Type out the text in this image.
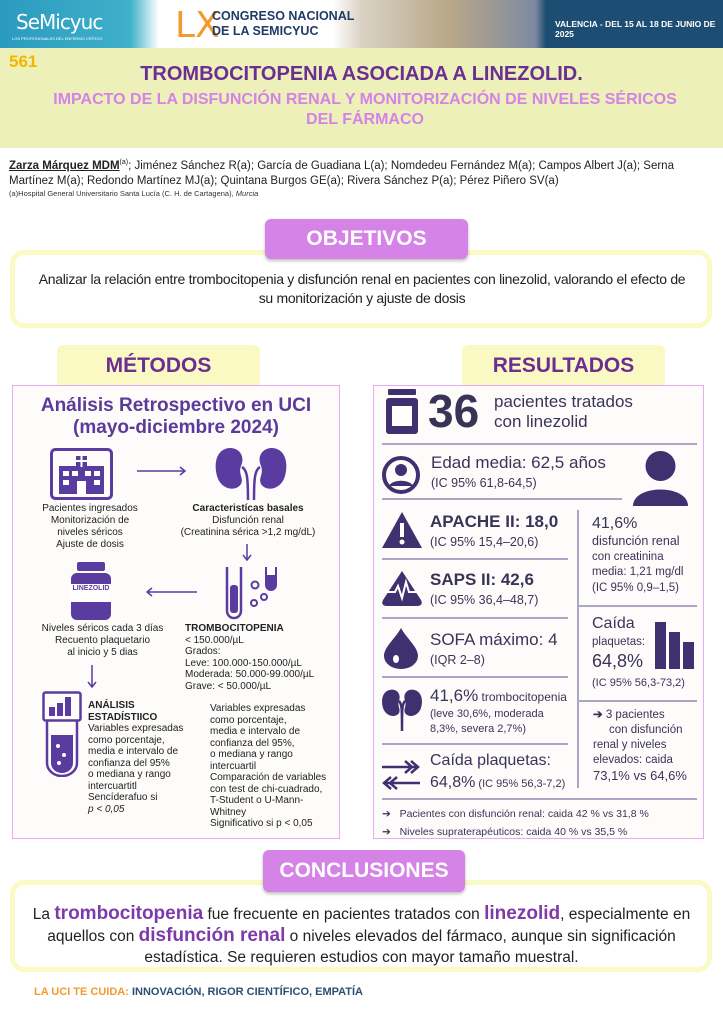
SeMicyuc
LOS PROFESIONALES DEL ENFERMO CRÍTICO LX
CONGRESO NACIONAL
DE LA SEMICYUC	VALENCIA - DEL 15 AL 18 DE JUNIO DE 2025
561
TROMBOCITOPENIA ASOCIADA A LINEZOLID.
IMPACTO DE LA DISFUNCIÓN RENAL Y MONITORIZACIÓN DE NIVELES SÉRICOS DEL FÁRMACO
Zarza Márquez MDM$^{(a)}$; Jiménez Sánchez R(a); García de Guadiana L(a); Nomdedeu Fernández M(a); Campos Albert J(a); Serna Martínez M(a); Redondo Martínez MJ(a); Quintana Burgos GE(a); Rivera Sánchez P(a); Pérez Piñero SV(a)
(a)Hospital General Universitario Santa Lucía (C. H. de Cartagena), Murcia
OBJETIVOS
Analizar la relación entre trombocitopenia y disfunción renal en pacientes con linezolid, valorando el efecto de su monitorización y ajuste de dosis
MÉTODOS
Análisis Retrospectivo en UCI
(mayo-diciembre 2024)
Pacientes ingresados
Monitorización de
niveles séricos
Ajuste de dosis
Caracteristícas basales
Disfunción renal
(Creatinina sérica >1,2 mg/dL)
LINEZOLID
Niveles séricos cada 3 días
Recuento plaquetario
al inicio y 5 dias
TROMBOCITOPENIA
< 150.000/µL
Grados:
Leve: 100.000-150.000/µL
Moderada: 50.000-99.000/µL
Grave: < 50.000/µL
ANÁLISIS
ESTADÍSTIICO
Variables expresadas
como porcentaje,
media e intervalo de
confianza del 95%
o mediana y rango
intercuartitl
Sencíderafuo si
p < 0,05
Variables expresadas
como porcentaje,
media e intervalo de
confianza del 95%,
o mediana y rango
intercuartil
Comparación de variables
con test de chi-cuadrado,
T-Student o U-Mann-
Whitney
Significativo si p < 0,05
RESULTADOS
36 pacientes tratados
con linezolid
Edad media: 62,5 años
(IC 95% 61,8-64,5)
APACHE II: 18,0
(IC 95% 15,4–20,6)
SAPS II: 42,6
(IC 95% 36,4–48,7)
SOFA máximo: 4
(IQR 2–8)
41,6% trombocitopenia
(leve 30,6%, moderada
8,3%, severa 2,7%)
Caída plaquetas:
64,8% (IC 95% 56,3-7,2)
41,6%
disfunción renal
con creatinina
media: 1,21 mg/dl
(IC 95% 0,9–1,5)
Caída
plaquetas:
64,8%
(IC 95% 56,3-73,2)
➔ 3 pacientes
con disfunción
renal y niveles
elevados: caida
73,1% vs 64,6%
➔ Pacientes con disfunción renal: caida 42 % vs 31,8 %
➔ Niveles supraterapéuticos: caida 40 % vs 35,5 %
CONCLUSIONES
La trombocitopenia fue frecuente en pacientes tratados con linezolid, especialmente en aquellos con disfunción renal o niveles elevados del fármaco, aunque sin significación estadística. Se requieren estudios con mayor tamaño muestral.
LA UCI TE CUIDA: INNOVACIÓN, RIGOR CIENTÍFICO, EMPATÍA
